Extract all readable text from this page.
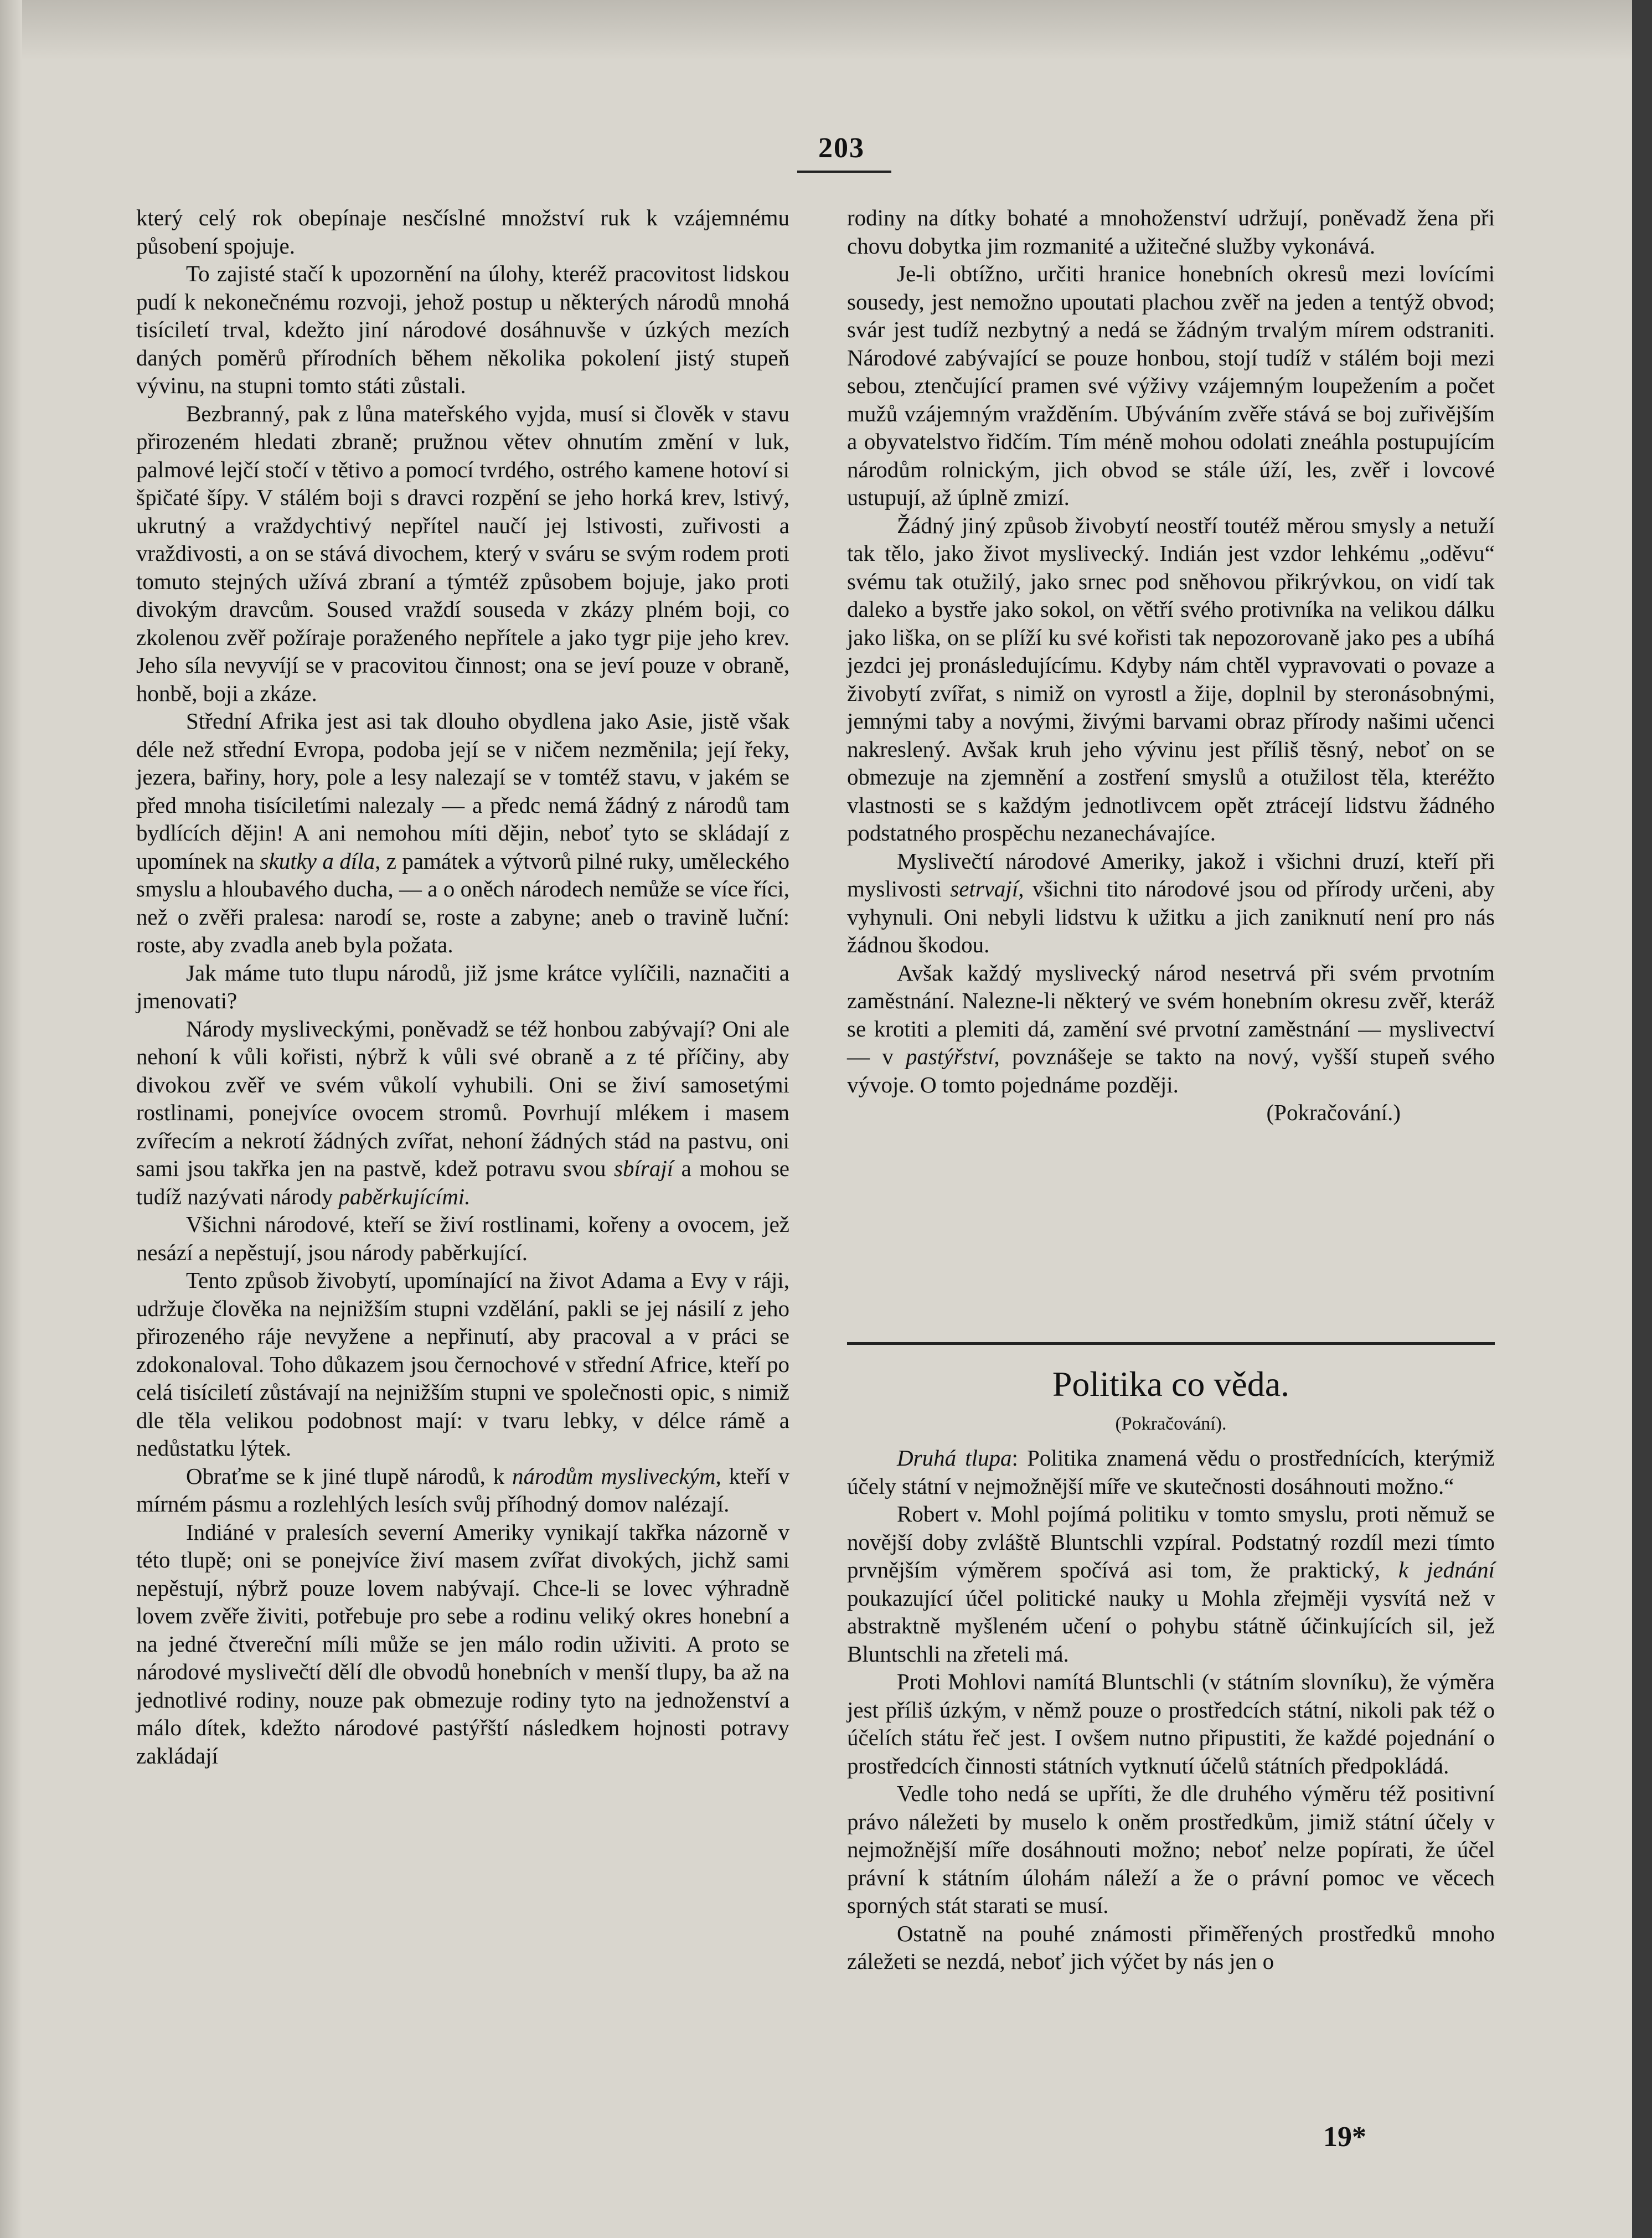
203

který celý rok obepínaje nesčíslné množství ruk k vzájemnému působení spojuje.

To zajisté stačí k upozornění na úlohy, kteréž pracovitost lidskou pudí k nekonečnému rozvoji, jehož postup u některých národů mnohá tisíciletí trval, kdežto jiní národové dosáhnuvše v úzkých mezích daných poměrů přírodních během několika pokolení jistý stupeň vývinu, na stupni tomto státi zůstali.

Bezbranný, pak z lůna mateřského vyjda, musí si člověk v stavu přirozeném hledati zbraně; pružnou větev ohnutím změní v luk, palmové lejčí stočí v tětivo a pomocí tvrdého, ostrého kamene hotoví si špičaté šípy. V stálém boji s dravci rozpění se jeho horká krev, lstivý, ukrutný a vraždychtivý nepřítel naučí jej lstivosti, zuřivosti a vraždivosti, a on se stává divochem, který v sváru se svým rodem proti tomuto stejných užívá zbraní a týmtéž způsobem bojuje, jako proti divokým dravcům. Soused vraždí souseda v zkázy plném boji, co zkolenou zvěř požíraje poraženého nepřítele a jako tygr pije jeho krev. Jeho síla nevyvíjí se v pracovitou činnost; ona se jeví pouze v obraně, honbě, boji a zkáze.

Střední Afrika jest asi tak dlouho obydlena jako Asie, jistě však déle než střední Evropa, podoba její se v ničem nezměnila; její řeky, jezera, bařiny, hory, pole a lesy nalezají se v tomtéž stavu, v jakém se před mnoha tisíciletími nalezaly — a předc nemá žádný z národů tam bydlících dějin! A ani nemohou míti dějin, neboť tyto se skládají z upomínek na skutky a díla, z památek a výtvorů pilné ruky, uměleckého smyslu a hloubavého ducha, — a o oněch národech nemůže se více říci, než o zvěři pralesa: narodí se, roste a zabyne; aneb o travině luční: roste, aby zvadla aneb byla požata.

Jak máme tuto tlupu národů, již jsme krátce vylíčili, naznačiti a jmenovati?

Národy mysliveckými, poněvadž se též honbou zabývají? Oni ale nehoní k vůli kořisti, nýbrž k vůli své obraně a z té příčiny, aby divokou zvěř ve svém vůkolí vyhubili. Oni se živí samosetými rostlinami, ponejvíce ovocem stromů. Povrhují mlékem i masem zvířecím a nekrotí žádných zvířat, nehoní žádných stád na pastvu, oni sami jsou takřka jen na pastvě, kdež potravu svou sbírají a mohou se tudíž nazývati národy paběrkujícími.

Všichni národové, kteří se živí rostlinami, kořeny a ovocem, jež nesází a nepěstují, jsou národy paběrkující.

Tento způsob živobytí, upomínající na život Adama a Evy v ráji, udržuje člověka na nejnižším stupni vzdělání, pakli se jej násilí z jeho přirozeného ráje nevyžene a nepřinutí, aby pracoval a v práci se zdokonaloval. Toho důkazem jsou černochové v střední Africe, kteří po celá tisíciletí zůstávají na nejnižším stupni ve společnosti opic, s nimiž dle těla velikou podobnost mají: v tvaru lebky, v délce rámě a nedůstatku lýtek.

Obraťme se k jiné tlupě národů, k národům mysliveckým, kteří v mírném pásmu a rozlehlých lesích svůj příhodný domov nalézají.

Indiáné v pralesích severní Ameriky vynikají takřka názorně v této tlupě; oni se ponejvíce živí masem zvířat divokých, jichž sami nepěstují, nýbrž pouze lovem nabývají. Chce-li se lovec výhradně lovem zvěře živiti, potřebuje pro sebe a rodinu veliký okres honební a na jedné čtvereční míli může se jen málo rodin uživiti. A proto se národové myslivečtí dělí dle obvodů honebních v menší tlupy, ba až na jednotlivé rodiny, nouze pak obmezuje rodiny tyto na jednoženství a málo dítek, kdežto národové pastýřští následkem hojnosti potravy zakládají

rodiny na dítky bohaté a mnohoženství udržují, poněvadž žena při chovu dobytka jim rozmanité a užitečné služby vykonává.

Je-li obtížno, určiti hranice honebních okresů mezi lovícími sousedy, jest nemožno upoutati plachou zvěř na jeden a tentýž obvod; svár jest tudíž nezbytný a nedá se žádným trvalým mírem odstraniti. Národové zabývající se pouze honbou, stojí tudíž v stálém boji mezi sebou, ztenčující pramen své výživy vzájemným loupežením a počet mužů vzájemným vražděním. Ubýváním zvěře stává se boj zuřivějším a obyvatelstvo řidčím. Tím méně mohou odolati zneáhla postupujícím národům rolnickým, jich obvod se stále úží, les, zvěř i lovcové ustupují, až úplně zmizí.

Žádný jiný způsob živobytí neostří toutéž měrou smysly a netuží tak tělo, jako život myslivecký. Indián jest vzdor lehkému „oděvu“ svému tak otužilý, jako srnec pod sněhovou přikrývkou, on vidí tak daleko a bystře jako sokol, on větří svého protivníka na velikou dálku jako liška, on se plíží ku své kořisti tak nepozorovaně jako pes a ubíhá jezdci jej pronásledujícímu. Kdyby nám chtěl vypravovati o povaze a živobytí zvířat, s nimiž on vyrostl a žije, doplnil by steronásobnými, jemnými taby a novými, živými barvami obraz přírody našimi učenci nakreslený. Avšak kruh jeho vývinu jest příliš těsný, neboť on se obmezuje na zjemnění a zostření smyslů a otužilost těla, kteréžto vlastnosti se s každým jednotlivcem opět ztrácejí lidstvu žádného podstatného prospěchu nezanechávajíce.

Myslivečtí národové Ameriky, jakož i všichni druzí, kteří při myslivosti setrvají, všichni tito národové jsou od přírody určeni, aby vyhynuli. Oni nebyli lidstvu k užitku a jich zaniknutí není pro nás žádnou škodou.

Avšak každý myslivecký národ nesetrvá při svém prvotním zaměstnání. Nalezne-li některý ve svém honebním okresu zvěř, kteráž se krotiti a plemiti dá, zamění své prvotní zaměstnání — myslivectví — v pastýřství, povznášeje se takto na nový, vyšší stupeň svého vývoje. O tomto pojednáme později.

(Pokračování.)

Politika co věda.
(Pokračování).

Druhá tlupa: Politika znamená vědu o prostřednících, kterýmiž účely státní v nejmožnější míře ve skutečnosti dosáhnouti možno.“

Robert v. Mohl pojímá politiku v tomto smyslu, proti němuž se novější doby zvláště Bluntschli vzpíral. Podstatný rozdíl mezi tímto prvnějším výměrem spočívá asi tom, že praktický, k jednání poukazující účel politické nauky u Mohla zřejměji vysvítá než v abstraktně myšleném učení o pohybu státně účinkujících sil, jež Bluntschli na zřeteli má.

Proti Mohlovi namítá Bluntschli (v státním slovníku), že výměra jest příliš úzkým, v němž pouze o prostředcích státní, nikoli pak též o účelích státu řeč jest. I ovšem nutno připustiti, že každé pojednání o prostředcích činnosti státních vytknutí účelů státních předpokládá.

Vedle toho nedá se upříti, že dle druhého výměru též positivní právo náležeti by muselo k oněm prostředkům, jimiž státní účely v nejmožnější míře dosáhnouti možno; neboť nelze popírati, že účel právní k státním úlohám náleží a že o právní pomoc ve věcech sporných stát starati se musí.

Ostatně na pouhé známosti přiměřených prostředků mnoho záležeti se nezdá, neboť jich výčet by nás jen o

19*
